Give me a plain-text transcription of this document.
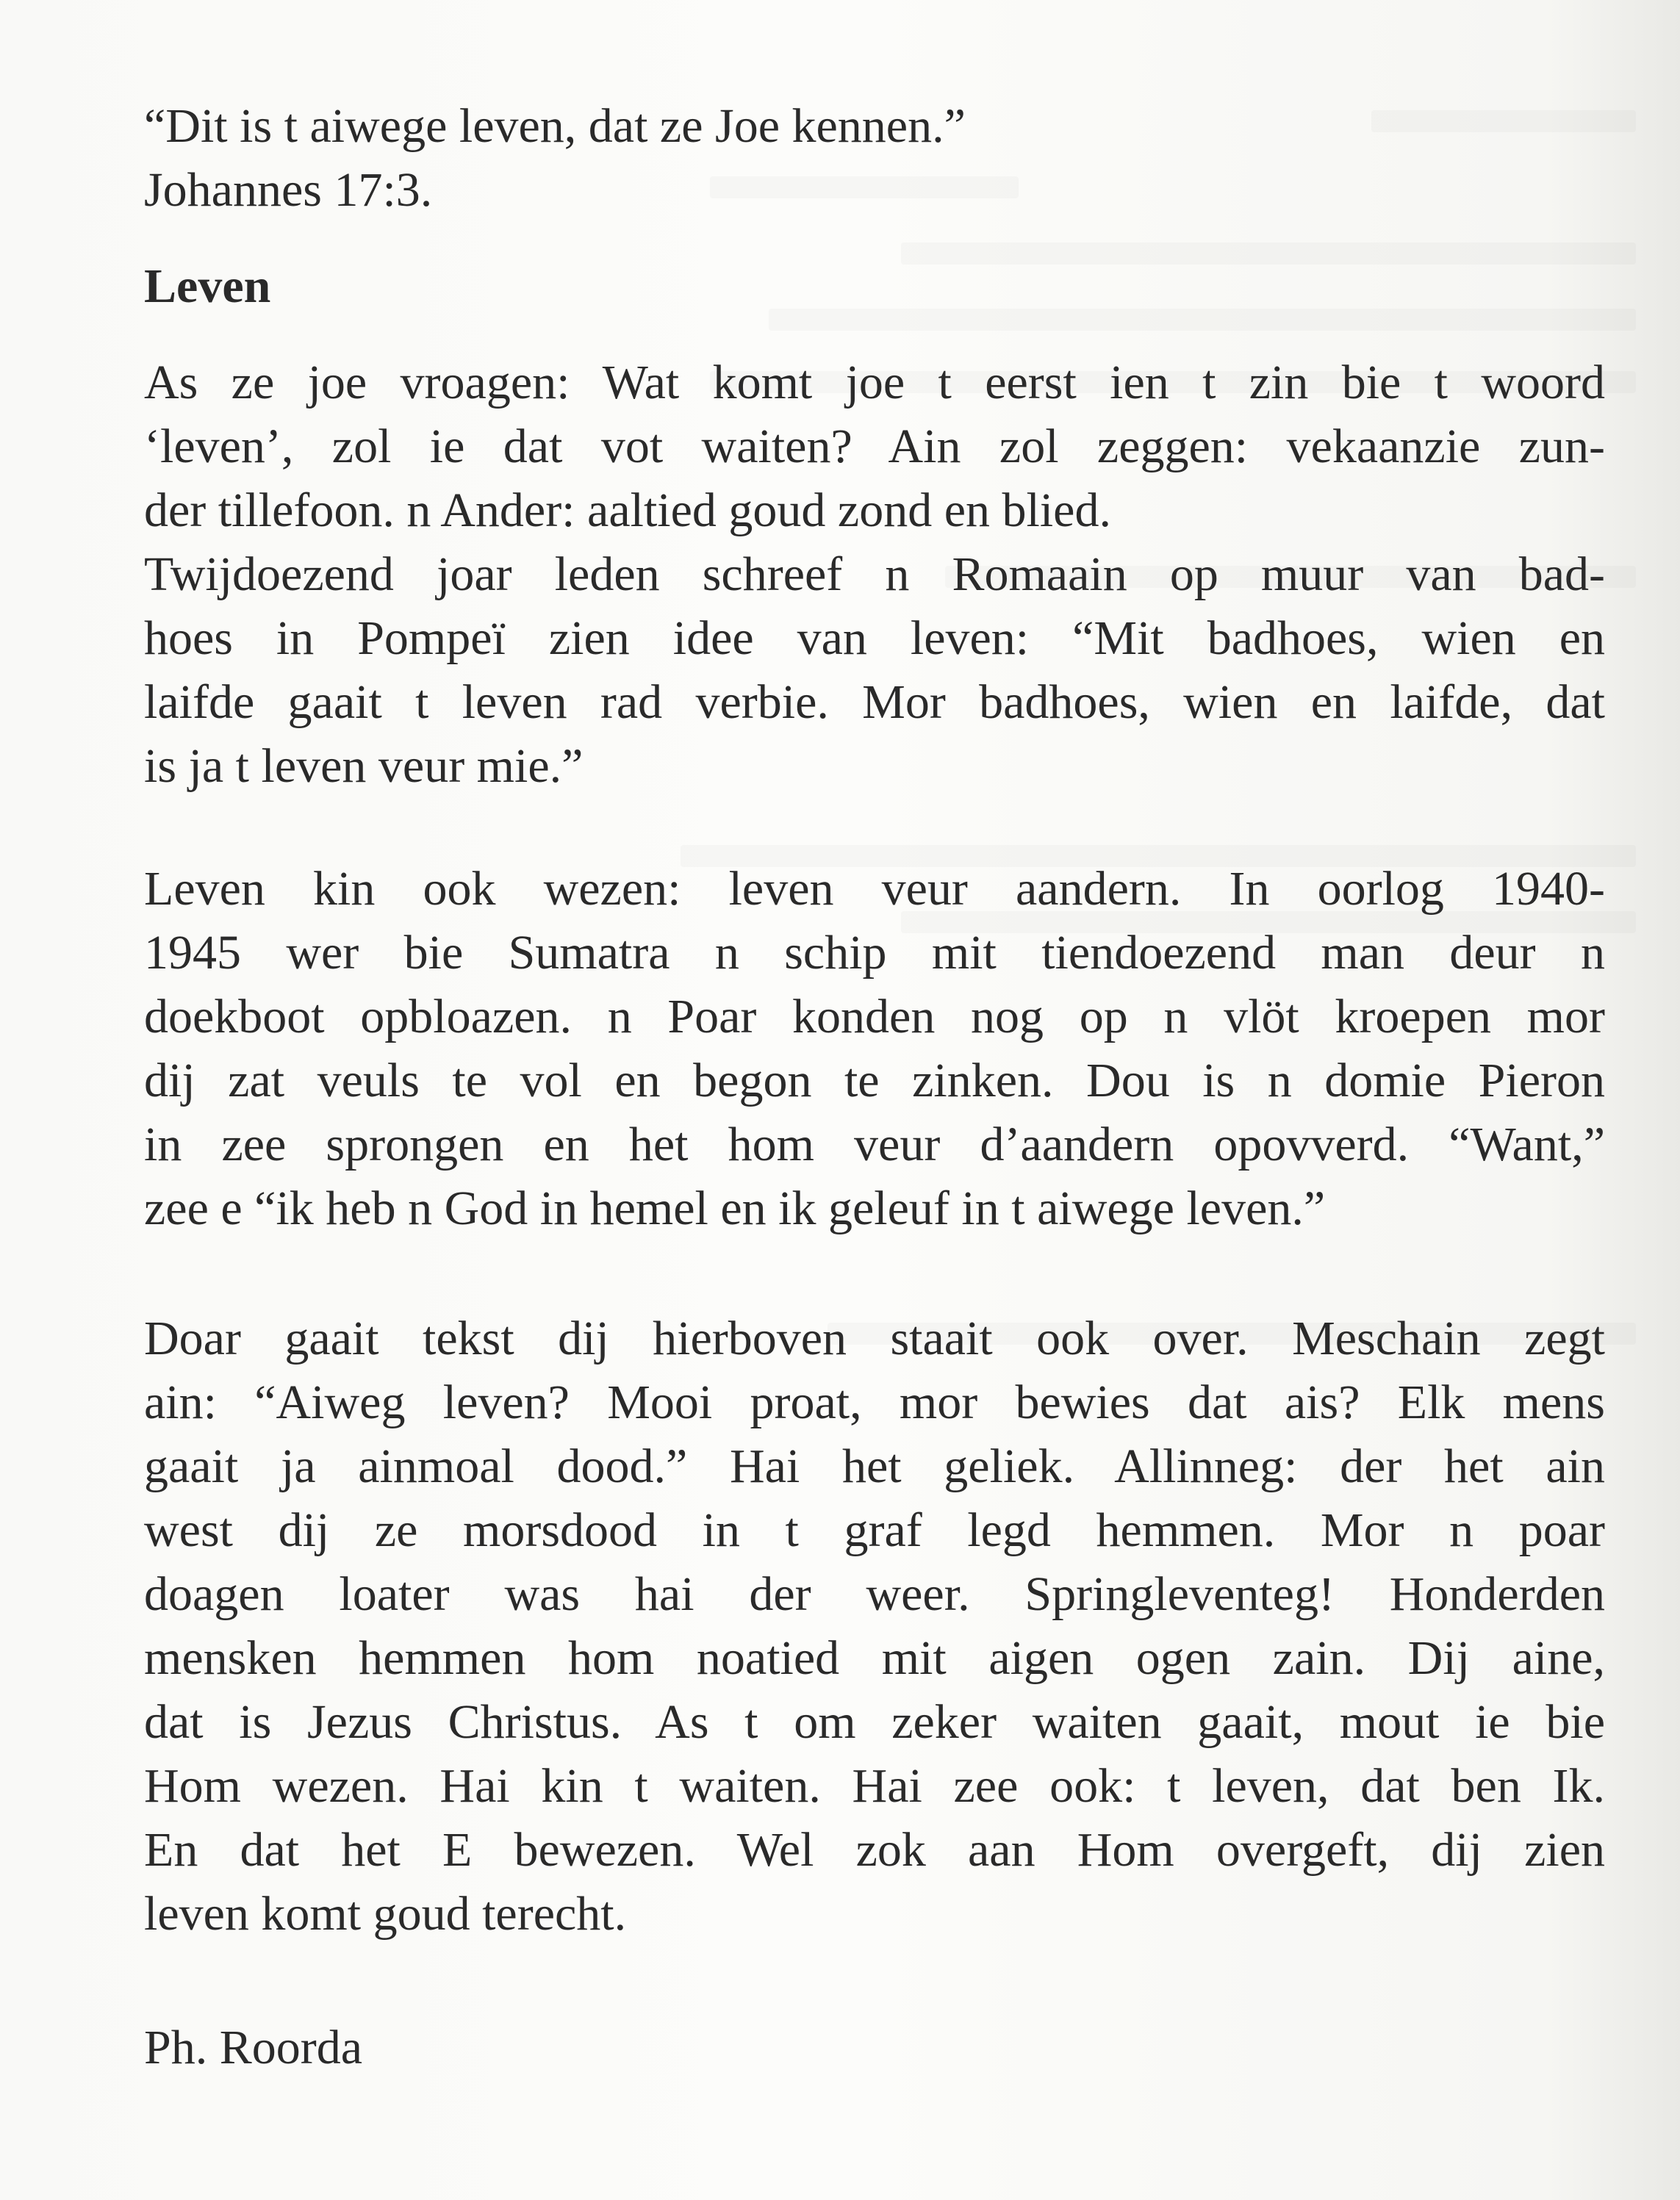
“Dit is t aiwege leven, dat ze Joe kennen.”
Johannes 17:3.
Leven
As ze joe vroagen: Wat komt joe t eerst ien t zin bie t woord
‘leven’, zol ie dat vot waiten? Ain zol zeggen: vekaanzie zun-
der tillefoon. n Ander: aaltied goud zond en blied.
Twijdoezend joar leden schreef n Romaain op muur van bad-
hoes in Pompeï zien idee van leven: “Mit badhoes, wien en
laifde gaait t leven rad verbie. Mor badhoes, wien en laifde, dat
is ja t leven veur mie.”
Leven kin ook wezen: leven veur aandern. In oorlog 1940-
1945 wer bie Sumatra n schip mit tiendoezend man deur n
doekboot opbloazen. n Poar konden nog op n vlöt kroepen mor
dij zat veuls te vol en begon te zinken. Dou is n domie Pieron
in zee sprongen en het hom veur d’aandern opovverd. “Want,”
zee e “ik heb n God in hemel en ik geleuf in t aiwege leven.”
Doar gaait tekst dij hierboven staait ook over. Meschain zegt
ain: “Aiweg leven? Mooi proat, mor bewies dat ais? Elk mens
gaait ja ainmoal dood.” Hai het geliek. Allinneg: der het ain
west dij ze morsdood in t graf legd hemmen. Mor n poar
doagen loater was hai der weer. Springleventeg! Honderden
mensken hemmen hom noatied mit aigen ogen zain. Dij aine,
dat is Jezus Christus. As t om zeker waiten gaait, mout ie bie
Hom wezen. Hai kin t waiten. Hai zee ook: t leven, dat ben Ik.
En dat het E bewezen. Wel zok aan Hom overgeft, dij zien
leven komt goud terecht.
Ph. Roorda
